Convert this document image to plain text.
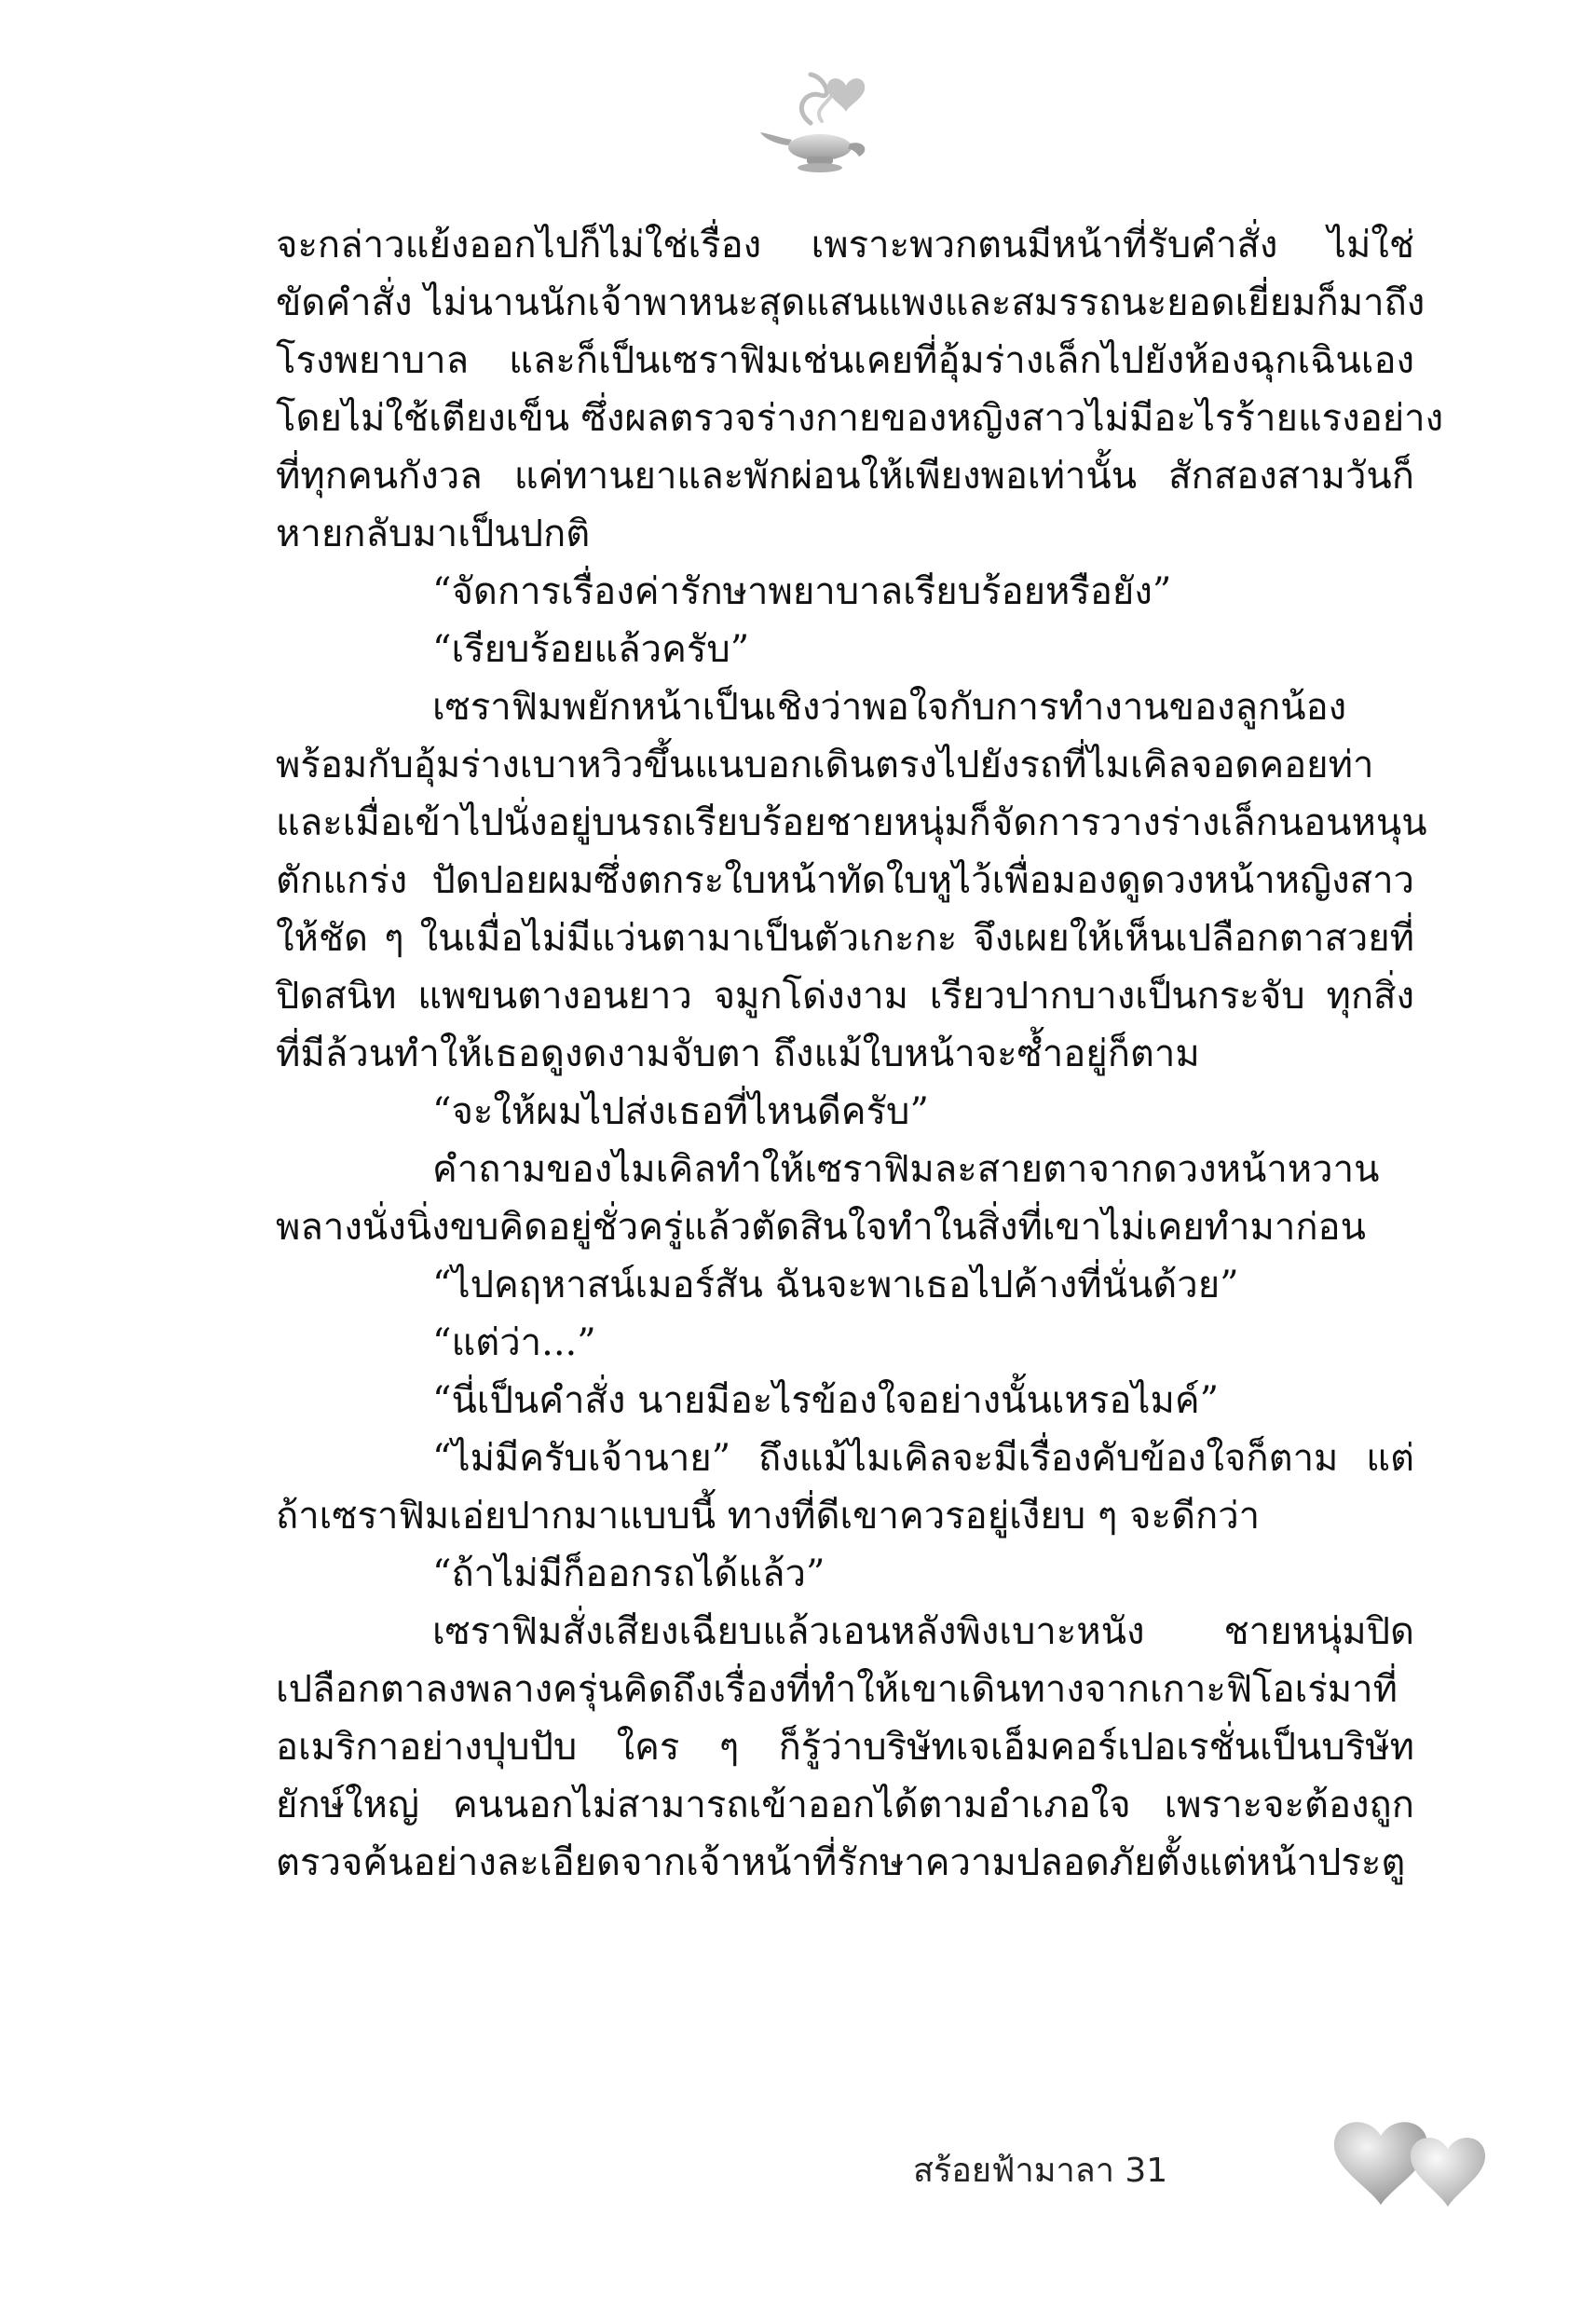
จะกล่าวแย้งออกไปก็ไม่ใช่เรื่อง เพราะพวกตนมีหน้าที่รับคำสั่ง ไม่ใช่
ขัดคำสั่ง ไม่นานนักเจ้าพาหนะสุดแสนแพงและสมรรถนะยอดเยี่ยมก็มาถึง
โรงพยาบาล และก็เป็นเซราฟิมเช่นเคยที่อุ้มร่างเล็กไปยังห้องฉุกเฉินเอง
โดยไม่ใช้เตียงเข็น ซึ่งผลตรวจร่างกายของหญิงสาวไม่มีอะไรร้ายแรงอย่าง
ที่ทุกคนกังวล แค่ทานยาและพักผ่อนให้เพียงพอเท่านั้น สักสองสามวันก็
หายกลับมาเป็นปกติ
“จัดการเรื่องค่ารักษาพยาบาลเรียบร้อยหรือยัง”
“เรียบร้อยแล้วครับ”
เซราฟิมพยักหน้าเป็นเชิงว่าพอใจกับการทำงานของลูกน้อง
พร้อมกับอุ้มร่างเบาหวิวขึ้นแนบอกเดินตรงไปยังรถที่ไมเคิลจอดคอยท่า
และเมื่อเข้าไปนั่งอยู่บนรถเรียบร้อยชายหนุ่มก็จัดการวางร่างเล็กนอนหนุน
ตักแกร่ง ปัดปอยผมซึ่งตกระใบหน้าทัดใบหูไว้เพื่อมองดูดวงหน้าหญิงสาว
ให้ชัด ๆ ในเมื่อไม่มีแว่นตามาเป็นตัวเกะกะ จึงเผยให้เห็นเปลือกตาสวยที่
ปิดสนิท แพขนตางอนยาว จมูกโด่งงาม เรียวปากบางเป็นกระจับ ทุกสิ่ง
ที่มีล้วนทำให้เธอดูงดงามจับตา ถึงแม้ใบหน้าจะซ้ำอยู่ก็ตาม
“จะให้ผมไปส่งเธอที่ไหนดีครับ”
คำถามของไมเคิลทำให้เซราฟิมละสายตาจากดวงหน้าหวาน
พลางนั่งนิ่งขบคิดอยู่ชั่วครู่แล้วตัดสินใจทำในสิ่งที่เขาไม่เคยทำมาก่อน
“ไปคฤหาสน์เมอร์สัน ฉันจะพาเธอไปค้างที่นั่นด้วย”
“แต่ว่า...”
“นี่เป็นคำสั่ง นายมีอะไรข้องใจอย่างนั้นเหรอไมค์”
“ไม่มีครับเจ้านาย” ถึงแม้ไมเคิลจะมีเรื่องคับข้องใจก็ตาม แต่
ถ้าเซราฟิมเอ่ยปากมาแบบนี้ ทางที่ดีเขาควรอยู่เงียบ ๆ จะดีกว่า
“ถ้าไม่มีก็ออกรถได้แล้ว”
เซราฟิมสั่งเสียงเฉียบแล้วเอนหลังพิงเบาะหนัง ชายหนุ่มปิด
เปลือกตาลงพลางครุ่นคิดถึงเรื่องที่ทำให้เขาเดินทางจากเกาะฟิโอเร่มาที่
อเมริกาอย่างปุบปับ ใคร ๆ ก็รู้ว่าบริษัทเจเอ็มคอร์เปอเรชั่นเป็นบริษัท
ยักษ์ใหญ่ คนนอกไม่สามารถเข้าออกได้ตามอำเภอใจ เพราะจะต้องถูก
ตรวจค้นอย่างละเอียดจากเจ้าหน้าที่รักษาความปลอดภัยตั้งแต่หน้าประตู
สร้อยฟ้ามาลา 31
